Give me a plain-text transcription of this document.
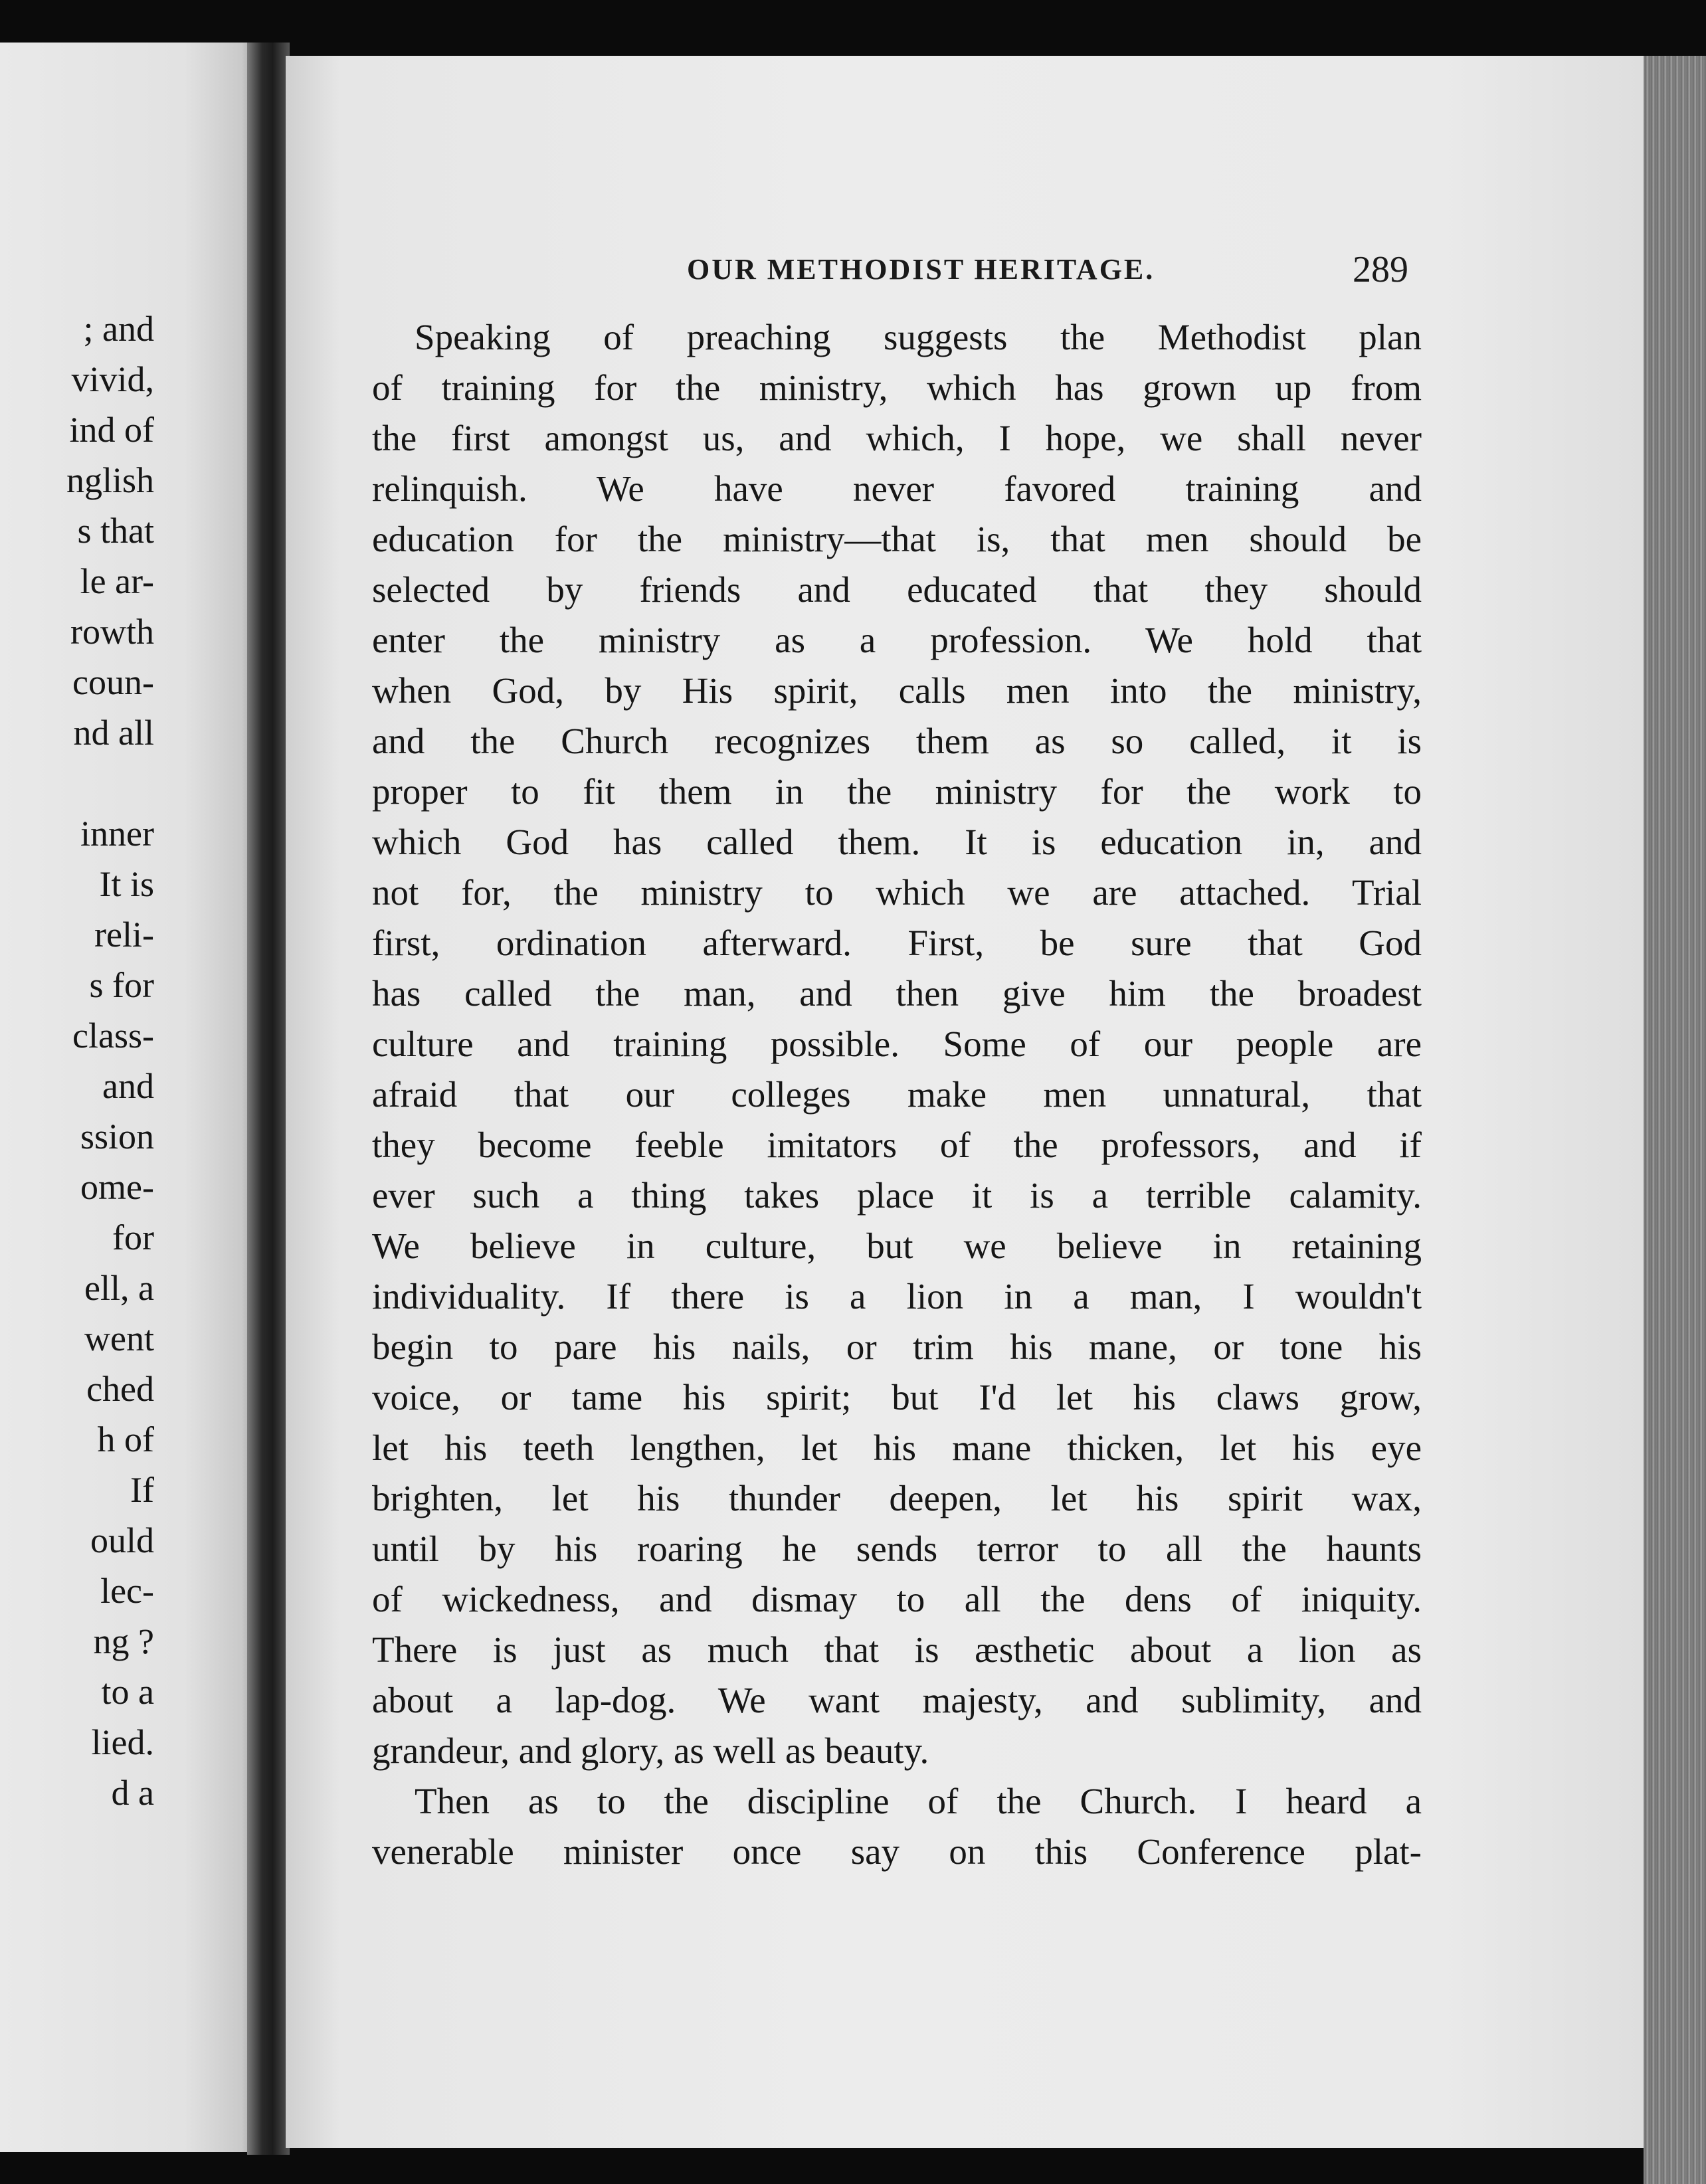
; and
vivid,
ind of
nglish
s that
le ar-
rowth
coun-
nd all
inner
It is
reli-
s for
class-
and
ssion
ome-
for
ell, a
went
ched
h of
If
ould
lec-
ng ?
to a
lied.
d a
OUR METHODIST HERITAGE.	289
Speaking of preaching suggests the Methodist plan
of training for the ministry, which has grown up from
the first amongst us, and which, I hope, we shall never
relinquish. We have never favored training and
education for the ministry—that is, that men should be
selected by friends and educated that they should
enter the ministry as a profession. We hold that
when God, by His spirit, calls men into the ministry,
and the Church recognizes them as so called, it is
proper to fit them in the ministry for the work to
which God has called them. It is education in, and
not for, the ministry to which we are attached. Trial
first, ordination afterward. First, be sure that God
has called the man, and then give him the broadest
culture and training possible. Some of our people are
afraid that our colleges make men unnatural, that
they become feeble imitators of the professors, and if
ever such a thing takes place it is a terrible calamity.
We believe in culture, but we believe in retaining
individuality. If there is a lion in a man, I wouldn't
begin to pare his nails, or trim his mane, or tone his
voice, or tame his spirit; but I'd let his claws grow,
let his teeth lengthen, let his mane thicken, let his eye
brighten, let his thunder deepen, let his spirit wax,
until by his roaring he sends terror to all the haunts
of wickedness, and dismay to all the dens of iniquity.
There is just as much that is æsthetic about a lion as
about a lap-dog. We want majesty, and sublimity, and
grandeur, and glory, as well as beauty.
Then as to the discipline of the Church. I heard a
venerable minister once say on this Conference plat-
